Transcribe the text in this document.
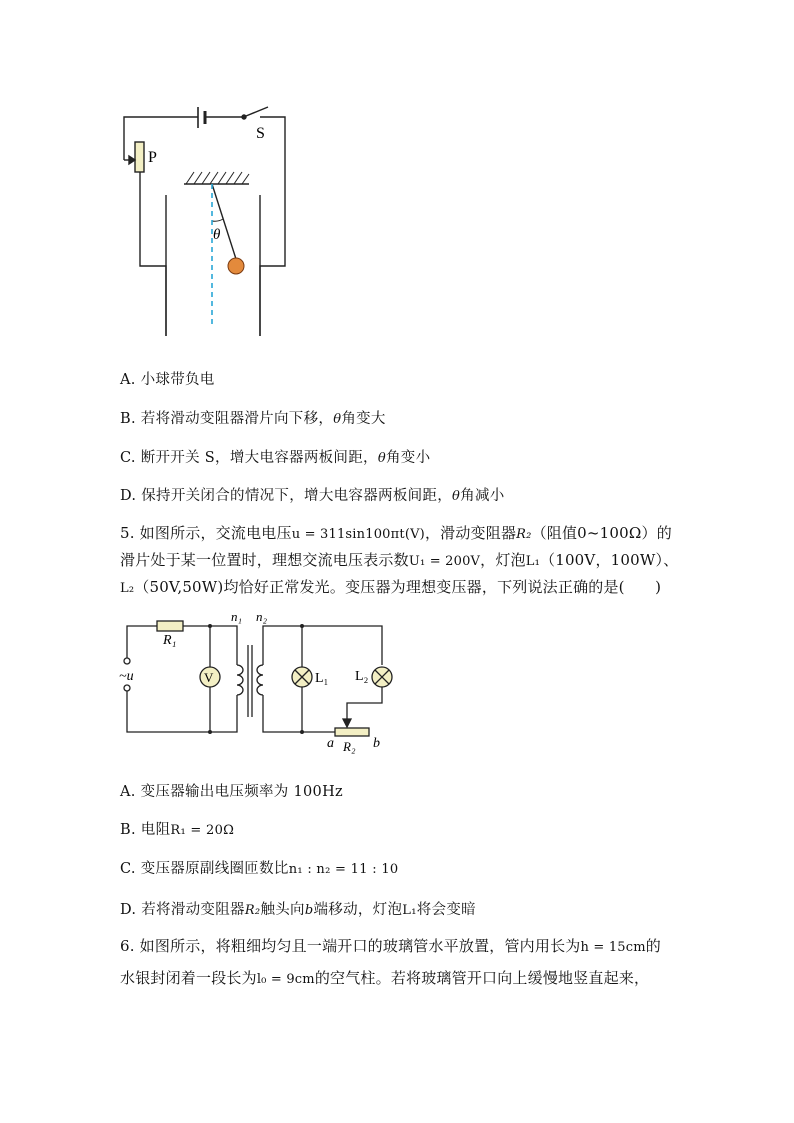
S
P
θ
A. 小球带负电
B. 若将滑动变阻器滑片向下移，θ角变大
C. 断开开关 S，增大电容器两板间距，θ角变小
D. 保持开关闭合的情况下，增大电容器两板间距，θ角减小
5. 如图所示，交流电电压u = 311sin100πt(V)，滑动变阻器R₂（阻值0~100Ω）的
滑片处于某一位置时，理想交流电压表示数U₁ = 200V，灯泡L₁（100V，100W）、
L₂（50V,50W)均恰好正常发光。变压器为理想变压器，下列说法正确的是(　　)
R₁
n₁ n₂
V
~u	L₁ L₂
a	b
R₂
A. 变压器输出电压频率为 100Hz
B. 电阻R₁ = 20Ω
C. 变压器原副线圈匝数比n₁ : n₂ = 11 : 10
D. 若将滑动变阻器R₂触头向b端移动，灯泡L₁将会变暗
6. 如图所示，将粗细均匀且一端开口的玻璃管水平放置，管内用长为h = 15cm的
水银封闭着一段长为l₀ = 9cm的空气柱。若将玻璃管开口向上缓慢地竖直起来，
